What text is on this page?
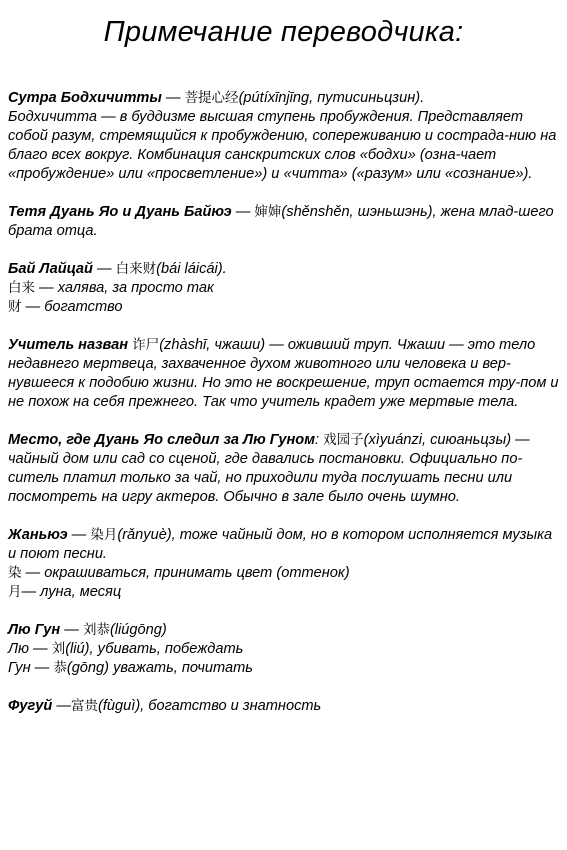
Примечание переводчика:

Сутра Бодхичитты — 菩提心经(pútíxīnjīng, путисиньцзин).

Бодхичитта — в буддизме высшая ступень пробуждения. Представляет собой разум, стремящийся к пробуждению, сопереживанию и сострада-нию на благо всех вокруг. Комбинация санскритских слов «бодхи» (озна-чает «пробуждение» или «просветление») и «читта» («разум» или «сознание»).

Тетя Дуань Яо и Дуань Байюэ — 婶婶(shěnshěn, шэньшэнь), жена млад-шего брата отца.

Бай Лайцай — 白来财(bái láicái).

白来 — халява, за просто так

财 — богатство

Учитель назван 诈尸(zhàshī, чжаши) — оживший труп. Чжаши — это тело недавнего мертвеца, захваченное духом животного или человека и вер-нувшееся к подобию жизни. Но это не воскрешение, труп остается тру-пом и не похож на себя прежнего. Так что учитель крадет уже мертвые тела.

Место, где Дуань Яо следил за Лю Гуном: 戏园子(xìyuánzi, сиюаньцзы) — чайный дом или сад со сценой, где давались постановки. Официально по-ситель платил только за чай, но приходили туда послушать песни или посмотреть на игру актеров. Обычно в зале было очень шумно.

Жаньюэ — 染月(rǎnyuè), тоже чайный дом, но в котором исполняется музыка и поют песни.

染 — окрашиваться, принимать цвет (оттенок)

月— луна, месяц

Лю Гун — 刘恭(liúgōng)

Лю — 刘(liú), убивать, побеждать

Гун — 恭(gōng) уважать, почитать

Фугуй —富贵(fùguì), богатство и знатность
